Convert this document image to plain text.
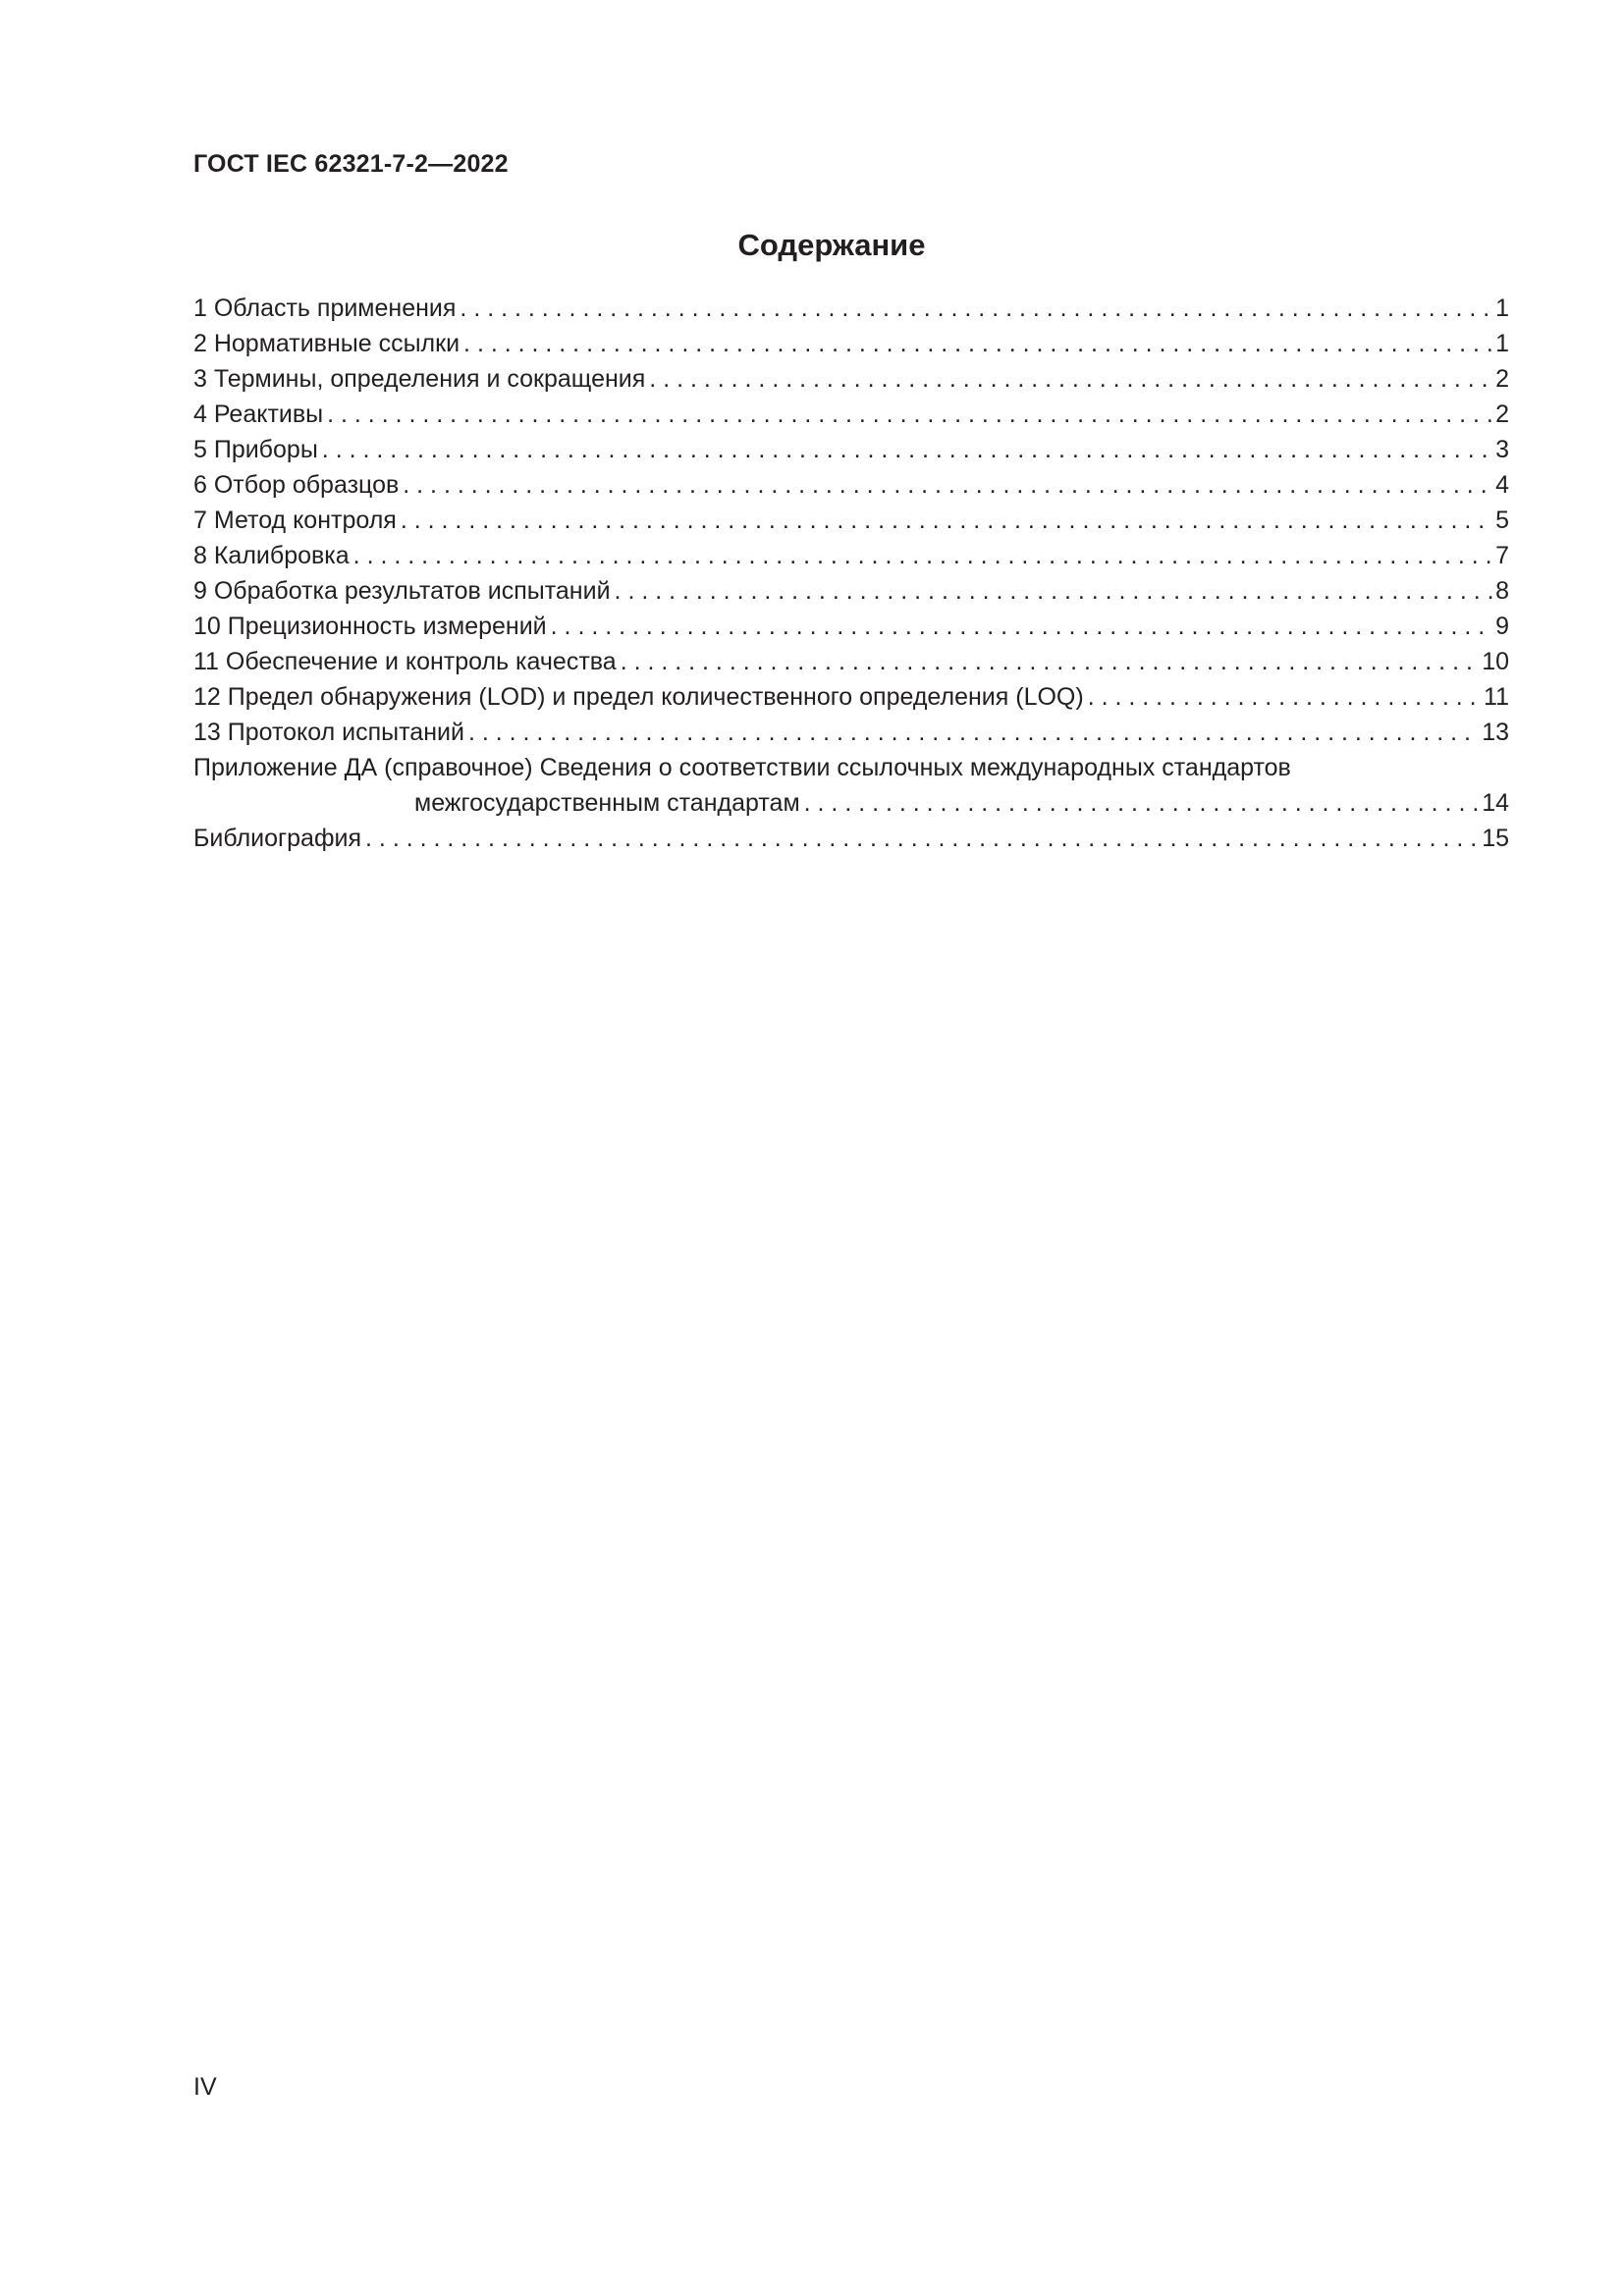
ГОСТ IEC 62321-7-2—2022
Содержание
1 Область применения . . .	1
2 Нормативные ссылки . . .	1
3 Термины, определения и сокращения . . .	2
4 Реактивы . . .	2
5 Приборы . . .	3
6 Отбор образцов . . .	4
7 Метод контроля . . .	5
8 Калибровка . . .	7
9 Обработка результатов испытаний . . .	8
10 Прецизионность измерений . . .	9
11 Обеспечение и контроль качества . . .	10
12 Предел обнаружения (LOD) и предел количественного определения (LOQ) . . .	11
13 Протокол испытаний . . .	13
Приложение ДА (справочное) Сведения о соответствии ссылочных международных стандартов
межгосударственным стандартам . . .	14
Библиография . . .	15
IV
